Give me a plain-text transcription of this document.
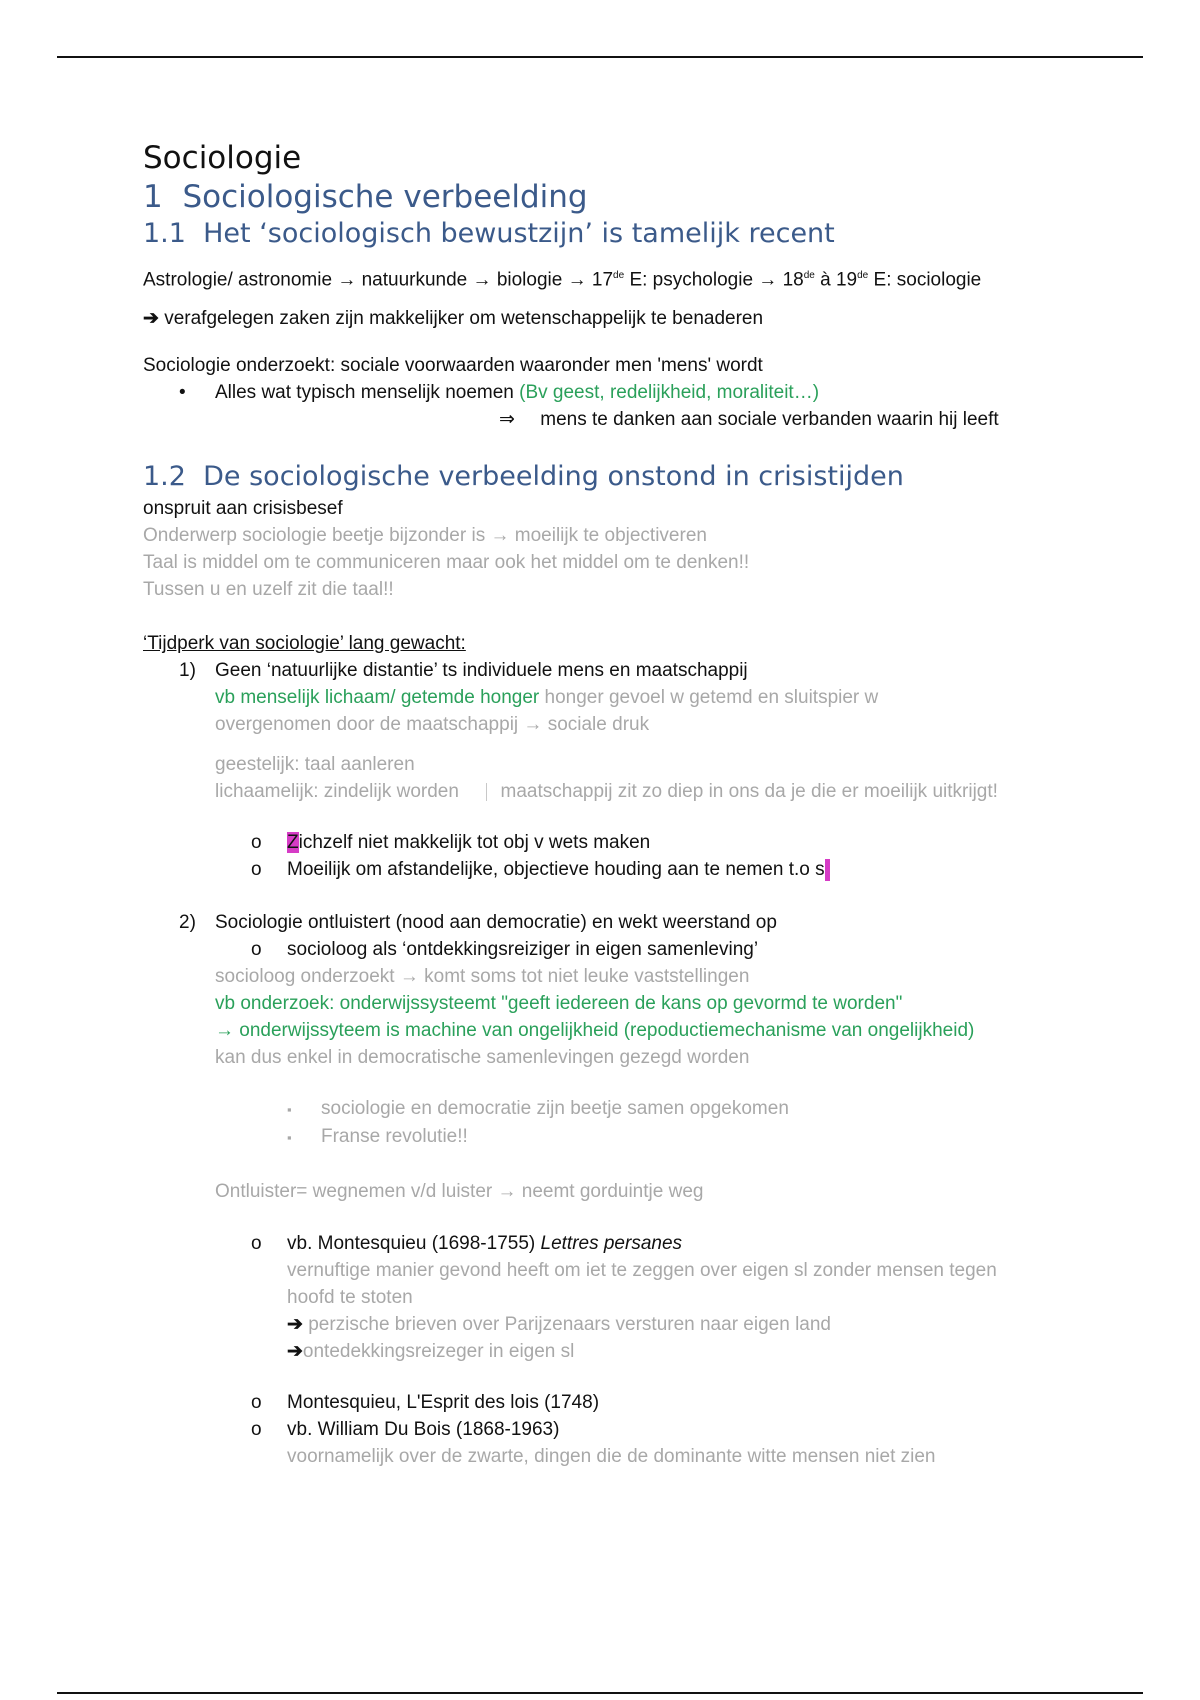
Sociologie

1 Sociologische verbeelding

1.1 Het ‘sociologisch bewustzijn’ is tamelijk recent

Astrologie/ astronomie → natuurkunde → biologie → 17de E: psychologie → 18de à 19de E: sociologie

➔ verafgelegen zaken zijn makkelijker om wetenschappelijk te benaderen

Sociologie onderzoekt: sociale voorwaarden waaronder men 'mens' wordt

•	Alles wat typisch menselijk noemen (Bv geest, redelijkheid, moraliteit…)

⇒ mens te danken aan sociale verbanden waarin hij leeft

1.2 De sociologische verbeelding onstond in crisistijden

onspruit aan crisisbesef

Onderwerp sociologie beetje bijzonder is → moeilijk te objectiveren

Taal is middel om te communiceren maar ook het middel om te denken!!

Tussen u en uzelf zit die taal!!

‘Tijdperk van sociologie’ lang gewacht:

1) Geen ‘natuurlijke distantie’ ts individuele mens en maatschappij

vb menselijk lichaam/ getemde honger honger gevoel w getemd en sluitspier w

overgenomen door de maatschappij → sociale druk

geestelijk: taal aanleren

lichaamelijk: zindelijk worden maatschappij zit zo diep in ons da je die er moeilijk uitkrijgt!

o Zichzelf niet makkelijk tot obj v wets maken

o Moeilijk om afstandelijke, objectieve houding aan te nemen t.o s

2) Sociologie ontluistert (nood aan democratie) en wekt weerstand op

o socioloog als ‘ontdekkingsreiziger in eigen samenleving’

socioloog onderzoekt → komt soms tot niet leuke vaststellingen

vb onderzoek: onderwijssysteemt "geeft iedereen de kans op gevormd te worden"

→ onderwijssyteem is machine van ongelijkheid (repoductiemechanisme van ongelijkheid)

kan dus enkel in democratische samenlevingen gezegd worden

▪ sociologie en democratie zijn beetje samen opgekomen

▪ Franse revolutie!!

Ontluister= wegnemen v/d luister → neemt gorduintje weg

o vb. Montesquieu (1698-1755) Lettres persanes

vernuftige manier gevond heeft om iet te zeggen over eigen sl zonder mensen tegen

hoofd te stoten

➔ perzische brieven over Parijzenaars versturen naar eigen land

➔ontedekkingsreizeger in eigen sl

o Montesquieu, L'Esprit des lois (1748)

o vb. William Du Bois (1868-1963)

voornamelijk over de zwarte, dingen die de dominante witte mensen niet zien
